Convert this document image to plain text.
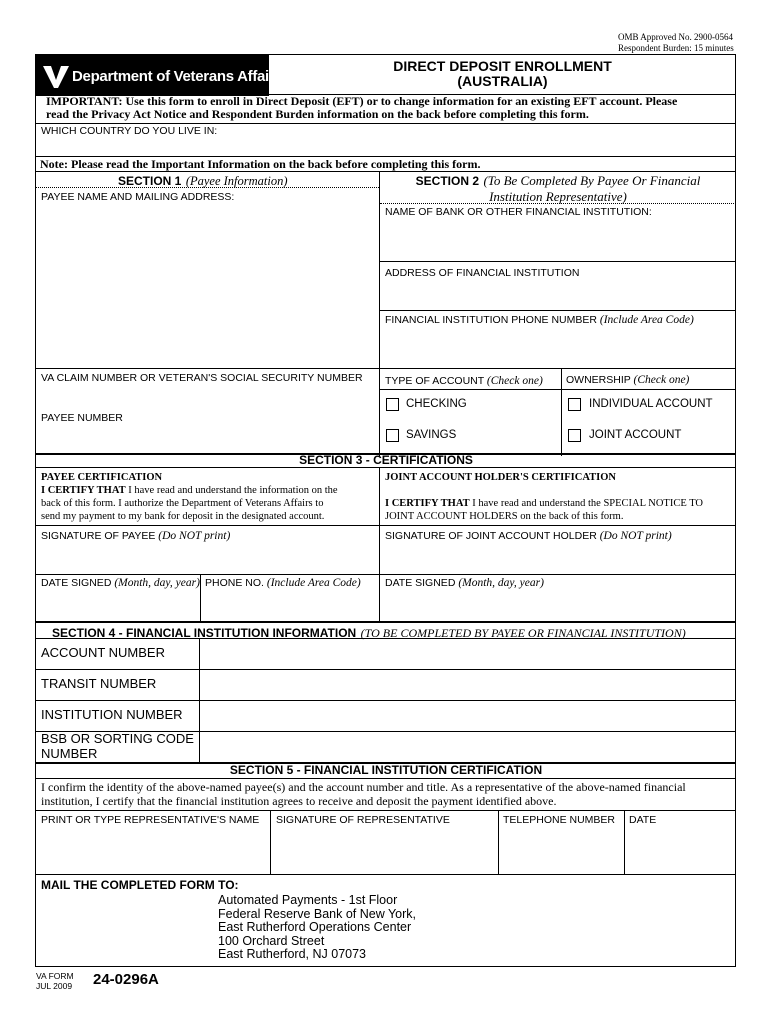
OMB Approved No. 2900-0564
Respondent Burden: 15 minutes
Department of Veterans Affairs
DIRECT DEPOSIT ENROLLMENT
(AUSTRALIA)
IMPORTANT: Use this form to enroll in Direct Deposit (EFT) or to change information for an existing EFT account. Please
read the Privacy Act Notice and Respondent Burden information on the back before completing this form.
WHICH COUNTRY DO YOU LIVE IN:
Note: Please read the Important Information on the back before completing this form.
SECTION 1 (Payee Information)
PAYEE NAME AND MAILING ADDRESS:
VA CLAIM NUMBER OR VETERAN'S SOCIAL SECURITY NUMBER
PAYEE NUMBER
SECTION 2 (To Be Completed By Payee Or Financial
Institution Representative)
NAME OF BANK OR OTHER FINANCIAL INSTITUTION:
ADDRESS OF FINANCIAL INSTITUTION
FINANCIAL INSTITUTION PHONE NUMBER (Include Area Code)
TYPE OF ACCOUNT (Check one) OWNERSHIP (Check one)
CHECKING
SAVINGS
INDIVIDUAL ACCOUNT
JOINT ACCOUNT
SECTION 3 - CERTIFICATIONS
PAYEE CERTIFICATION
I CERTIFY THAT I have read and understand the information on the
back of this form. I authorize the Department of Veterans Affairs to
send my payment to my bank for deposit in the designated account.
JOINT ACCOUNT HOLDER'S CERTIFICATION
I CERTIFY THAT I have read and understand the SPECIAL NOTICE TO
JOINT ACCOUNT HOLDERS on the back of this form.
SIGNATURE OF PAYEE (Do NOT print)	SIGNATURE OF JOINT ACCOUNT HOLDER (Do NOT print)
DATE SIGNED (Month, day, year) PHONE NO. (Include Area Code) DATE SIGNED (Month, day, year)
SECTION 4 - FINANCIAL INSTITUTION INFORMATION (TO BE COMPLETED BY PAYEE OR FINANCIAL INSTITUTION)
ACCOUNT NUMBER
TRANSIT NUMBER
INSTITUTION NUMBER
BSB OR SORTING CODE
NUMBER
SECTION 5 - FINANCIAL INSTITUTION CERTIFICATION
I confirm the identity of the above-named payee(s) and the account number and title. As a representative of the above-named financial
institution, I certify that the financial institution agrees to receive and deposit the payment identified above.
PRINT OR TYPE REPRESENTATIVE'S NAME SIGNATURE OF REPRESENTATIVE	TELEPHONE NUMBER DATE
MAIL THE COMPLETED FORM TO:
Automated Payments - 1st Floor
Federal Reserve Bank of New York,
East Rutherford Operations Center
100 Orchard Street
East Rutherford, NJ 07073
VA FORM
JUL 2009 24-0296A
